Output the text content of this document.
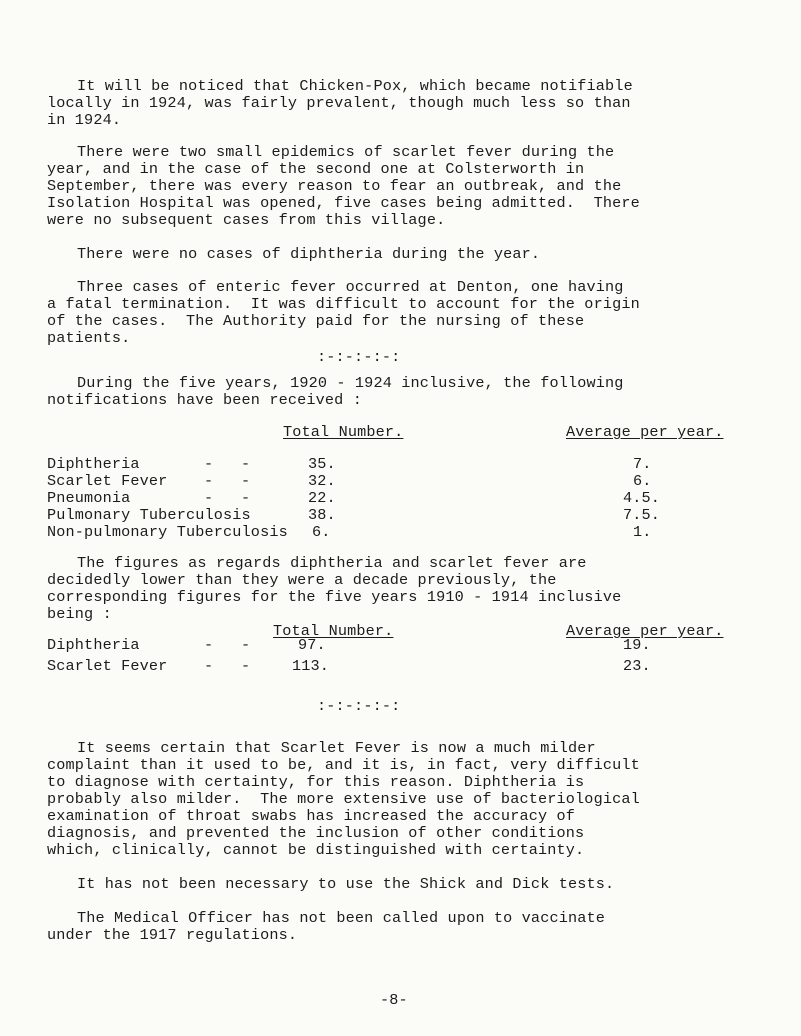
It will be noticed that Chicken-Pox, which became notifiable
locally in 1924, was fairly prevalent, though much less so than
in 1924.
There were two small epidemics of scarlet fever during the
year, and in the case of the second one at Colsterworth in
September, there was every reason to fear an outbreak, and the
Isolation Hospital was opened, five cases being admitted.  There
were no subsequent cases from this village.
There were no cases of diphtheria during the year.
Three cases of enteric fever occurred at Denton, one having
a fatal termination.  It was difficult to account for the origin
of the cases.  The Authority paid for the nursing of these
patients.
:-:-:-:-:
During the five years, 1920 - 1924 inclusive, the following
notifications have been received :
Total Number.	Average per year.
Diphtheria	-   -	35.	7.
Scarlet Fever -   -	32.	6.
Pneumonia	-   -	22.	4.5.
Pulmonary Tuberculosis	38.	7.5.
Non-pulmonary Tuberculosis 6.	1.
The figures as regards diphtheria and scarlet fever are
decidedly lower than they were a decade previously, the
corresponding figures for the five years 1910 - 1914 inclusive
being :
Total Number.	Average per year.
Diphtheria	-   -	97.	19.
Scarlet Fever -   -	113.	23.
:-:-:-:-:
It seems certain that Scarlet Fever is now a much milder
complaint than it used to be, and it is, in fact, very difficult
to diagnose with certainty, for this reason. Diphtheria is
probably also milder.  The more extensive use of bacteriological
examination of throat swabs has increased the accuracy of
diagnosis, and prevented the inclusion of other conditions
which, clinically, cannot be distinguished with certainty.
It has not been necessary to use the Shick and Dick tests.
The Medical Officer has not been called upon to vaccinate
under the 1917 regulations.
-8-
